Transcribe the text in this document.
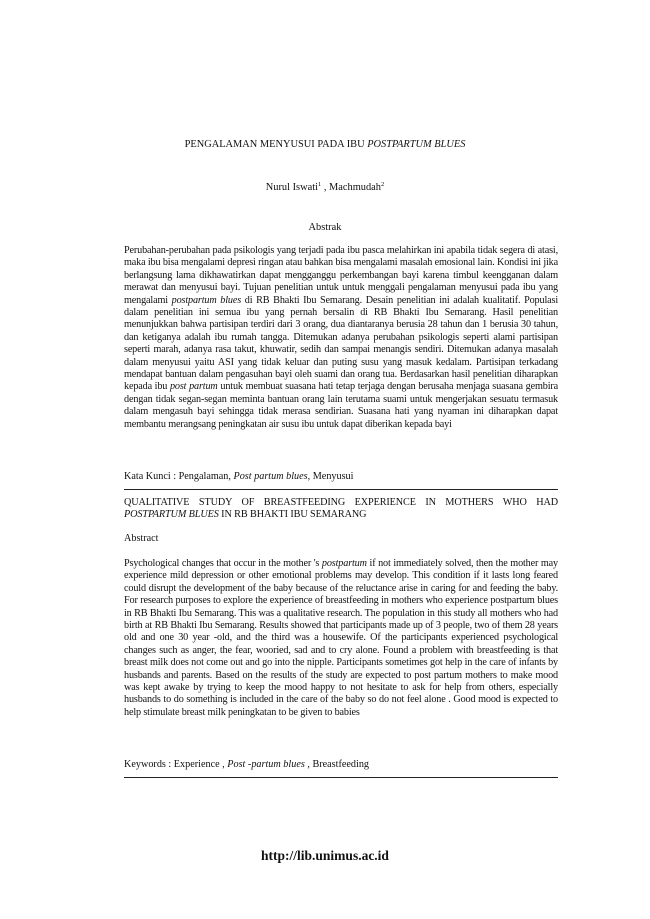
PENGALAMAN MENYUSUI PADA IBU POSTPARTUM BLUES
Nurul Iswati$^1$ , Machmudah$^2$
Abstrak
Perubahan-perubahan pada psikologis yang terjadi pada ibu pasca melahirkan ini apabila tidak segera di atasi, maka ibu bisa mengalami depresi ringan atau bahkan bisa mengalami masalah emosional lain. Kondisi ini jika berlangsung lama dikhawatirkan dapat mengganggu perkembangan bayi karena timbul keengganan dalam merawat dan menyusui bayi. Tujuan penelitian untuk untuk menggali pengalaman menyusui pada ibu yang mengalami postpartum blues di RB Bhakti Ibu Semarang. Desain penelitian ini adalah kualitatif. Populasi dalam penelitian ini semua ibu yang pernah bersalin di RB Bhakti Ibu Semarang. Hasil penelitian menunjukkan bahwa partisipan terdiri dari 3 orang, dua diantaranya berusia 28 tahun dan 1 berusia 30 tahun, dan ketiganya adalah ibu rumah tangga. Ditemukan adanya perubahan psikologis seperti alami partisipan seperti marah, adanya rasa takut, khuwatir, sedih dan sampai menangis sendiri. Ditemukan adanya masalah dalam menyusui yaitu ASI yang tidak keluar dan puting susu yang masuk kedalam. Partisipan terkadang mendapat bantuan dalam pengasuhan bayi oleh suami dan orang tua. Berdasarkan hasil penelitian diharapkan kepada ibu post partum untuk membuat suasana hati tetap terjaga dengan berusaha menjaga suasana gembira dengan tidak segan-segan meminta bantuan orang lain terutama suami untuk mengerjakan sesuatu termasuk dalam mengasuh bayi sehingga tidak merasa sendirian. Suasana hati yang nyaman ini diharapkan dapat membantu merangsang peningkatan air susu ibu untuk dapat diberikan kepada bayi
Kata Kunci : Pengalaman, Post partum blues, Menyusui
QUALITATIVE STUDY OF BREASTFEEDING EXPERIENCE IN MOTHERS WHO HAD POSTPARTUM BLUES IN RB BHAKTI IBU SEMARANG
Abstract
Psychological changes that occur in the mother 's postpartum if not immediately solved, then the mother may experience mild depression or other emotional problems may develop. This condition if it lasts long feared could disrupt the development of the baby because of the reluctance arise in caring for and feeding the baby. For research purposes to explore the experience of breastfeeding in mothers who experience postpartum blues in RB Bhakti Ibu Semarang. This was a qualitative research. The population in this study all mothers who had birth at RB Bhakti Ibu Semarang. Results showed that participants made up of 3 people, two of them 28 years old and one 30 year -old, and the third was a housewife. Of the participants experienced psychological changes such as anger, the fear, wooried, sad and to cry alone. Found a problem with breastfeeding is that breast milk does not come out and go into the nipple. Participants sometimes got help in the care of infants by husbands and parents. Based on the results of the study are expected to post partum mothers to make mood was kept awake by trying to keep the mood happy to not hesitate to ask for help from others, especially husbands to do something is included in the care of the baby so do not feel alone . Good mood is expected to help stimulate breast milk peningkatan to be given to babies
Keywords : Experience , Post -partum blues , Breastfeeding
http://lib.unimus.ac.id
